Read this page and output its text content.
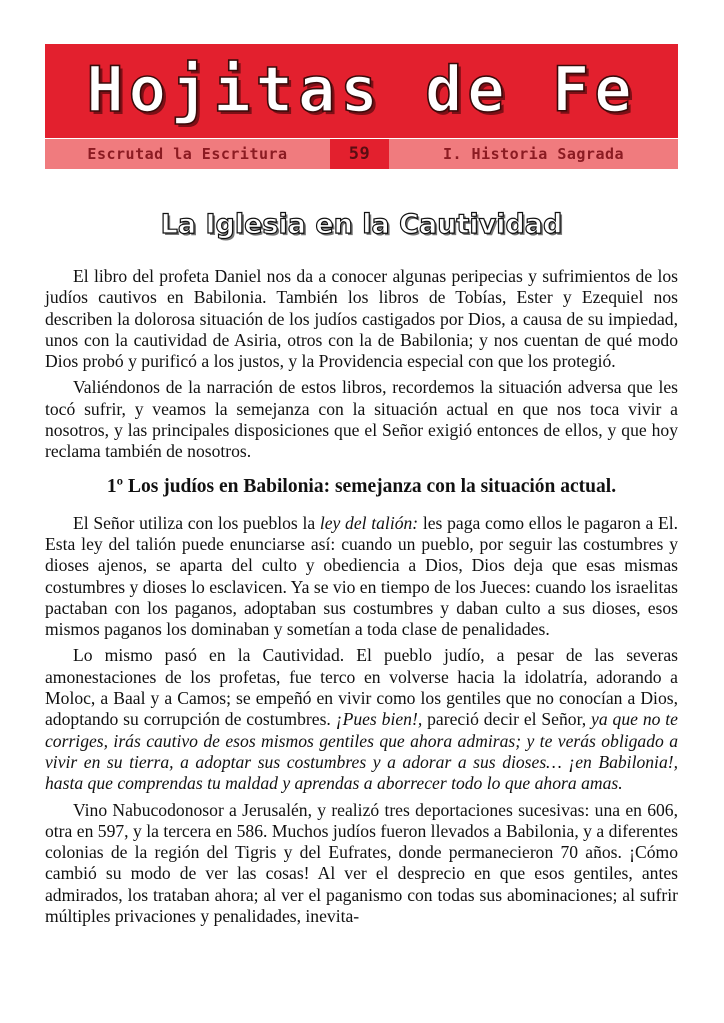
Hojitas de Fe
Escrutad la Escritura	59	I. Historia Sagrada
La Iglesia en la Cautividad

El libro del profeta Daniel nos da a conocer algunas peripecias y sufrimientos de los judíos cautivos en Babilonia. También los libros de Tobías, Ester y Ezequiel nos describen la dolorosa situación de los judíos castigados por Dios, a causa de su impiedad, unos con la cautividad de Asiria, otros con la de Babilonia; y nos cuentan de qué modo Dios probó y purificó a los justos, y la Providencia especial con que los protegió.

Valiéndonos de la narración de estos libros, recordemos la situación adversa que les tocó sufrir, y veamos la semejanza con la situación actual en que nos toca vivir a nosotros, y las principales disposiciones que el Señor exigió entonces de ellos, y que hoy reclama también de nosotros.

1º Los judíos en Babilonia: semejanza con la situación actual.

El Señor utiliza con los pueblos la ley del talión: les paga como ellos le pagaron a El. Esta ley del talión puede enunciarse así: cuando un pueblo, por seguir las costumbres y dioses ajenos, se aparta del culto y obediencia a Dios, Dios deja que esas mismas costumbres y dioses lo esclavicen. Ya se vio en tiempo de los Jueces: cuando los israelitas pactaban con los paganos, adoptaban sus costumbres y daban culto a sus dioses, esos mismos paganos los dominaban y sometían a toda clase de penalidades.

Lo mismo pasó en la Cautividad. El pueblo judío, a pesar de las severas amonestaciones de los profetas, fue terco en volverse hacia la idolatría, adorando a Moloc, a Baal y a Camos; se empeñó en vivir como los gentiles que no conocían a Dios, adoptando su corrupción de costumbres. ¡Pues bien!, pareció decir el Señor, ya que no te corriges, irás cautivo de esos mismos gentiles que ahora admiras; y te verás obligado a vivir en su tierra, a adoptar sus costumbres y a adorar a sus dioses… ¡en Babilonia!, hasta que comprendas tu maldad y aprendas a aborrecer todo lo que ahora amas.

Vino Nabucodonosor a Jerusalén, y realizó tres deportaciones sucesivas: una en 606, otra en 597, y la tercera en 586. Muchos judíos fueron llevados a Babilonia, y a diferentes colonias de la región del Tigris y del Eufrates, donde permanecieron 70 años. ¡Cómo cambió su modo de ver las cosas! Al ver el desprecio en que esos gentiles, antes admirados, los trataban ahora; al ver el paganismo con todas sus abominaciones; al sufrir múltiples privaciones y penalidades, inevita-
